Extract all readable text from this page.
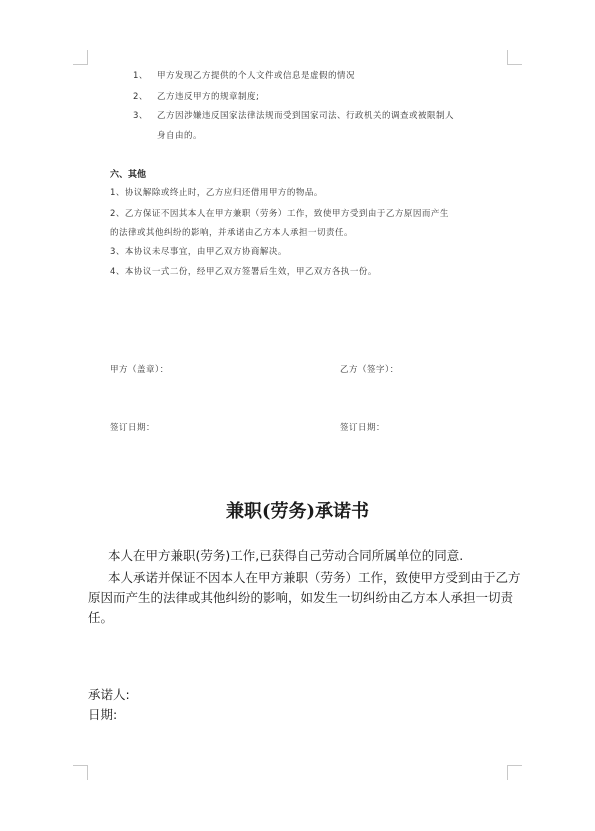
1、 甲方发现乙方提供的个人文件或信息是虚假的情况
2、 乙方违反甲方的规章制度;
3、 乙方因涉嫌违反国家法律法规而受到国家司法、行政机关的调查或被限制人
身自由的。
六、其他
1、协议解除或终止时，乙方应归还借用甲方的物品。
2、乙方保证不因其本人在甲方兼职（劳务）工作，致使甲方受到由于乙方原因而产生
的法律或其他纠纷的影响，并承诺由乙方本人承担一切责任。
3、本协议未尽事宜，由甲乙双方协商解决。
4、本协议一式二份，经甲乙双方签署后生效，甲乙双方各执一份。
甲方（盖章）：	乙方（签字）：
签订日期：	签订日期：
兼职(劳务)承诺书
本人在甲方兼职(劳务)工作,已获得自己劳动合同所属单位的同意.
本人承诺并保证不因本人在甲方兼职（劳务）工作，致使甲方受到由于乙方
原因而产生的法律或其他纠纷的影响，如发生一切纠纷由乙方本人承担一切责
任。
承诺人:
日期:
